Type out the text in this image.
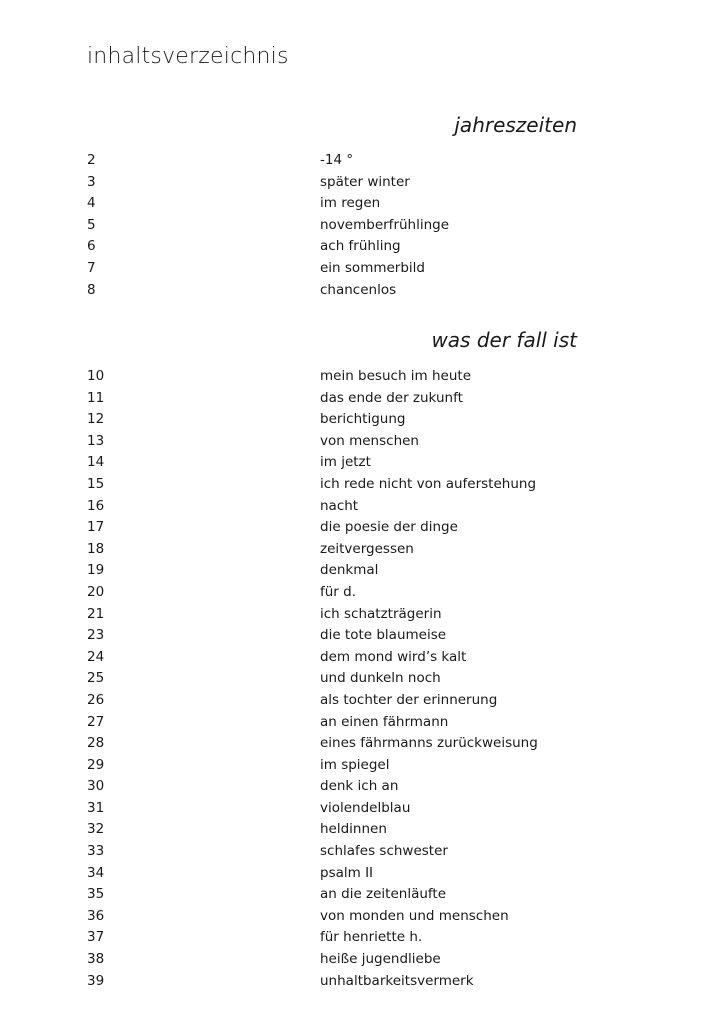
inhaltsverzeichnis
jahreszeiten
2	-14 °
3	später winter
4	im regen
5	novemberfrühlinge
6	ach frühling
7	ein sommerbild
8	chancenlos
was der fall ist
10	mein besuch im heute
11	das ende der zukunft
12	berichtigung
13	von menschen
14	im jetzt
15	ich rede nicht von auferstehung
16	nacht
17	die poesie der dinge
18	zeitvergessen
19	denkmal
20	für d.
21	ich schatzträgerin
23	die tote blaumeise
24	dem mond wird’s kalt
25	und dunkeln noch
26	als tochter der erinnerung
27	an einen fährmann
28	eines fährmanns zurückweisung
29	im spiegel
30	denk ich an
31	violendelblau
32	heldinnen
33	schlafes schwester
34	psalm II
35	an die zeitenläufte
36	von monden und menschen
37	für henriette h.
38	heiße jugendliebe
39	unhaltbarkeitsvermerk
